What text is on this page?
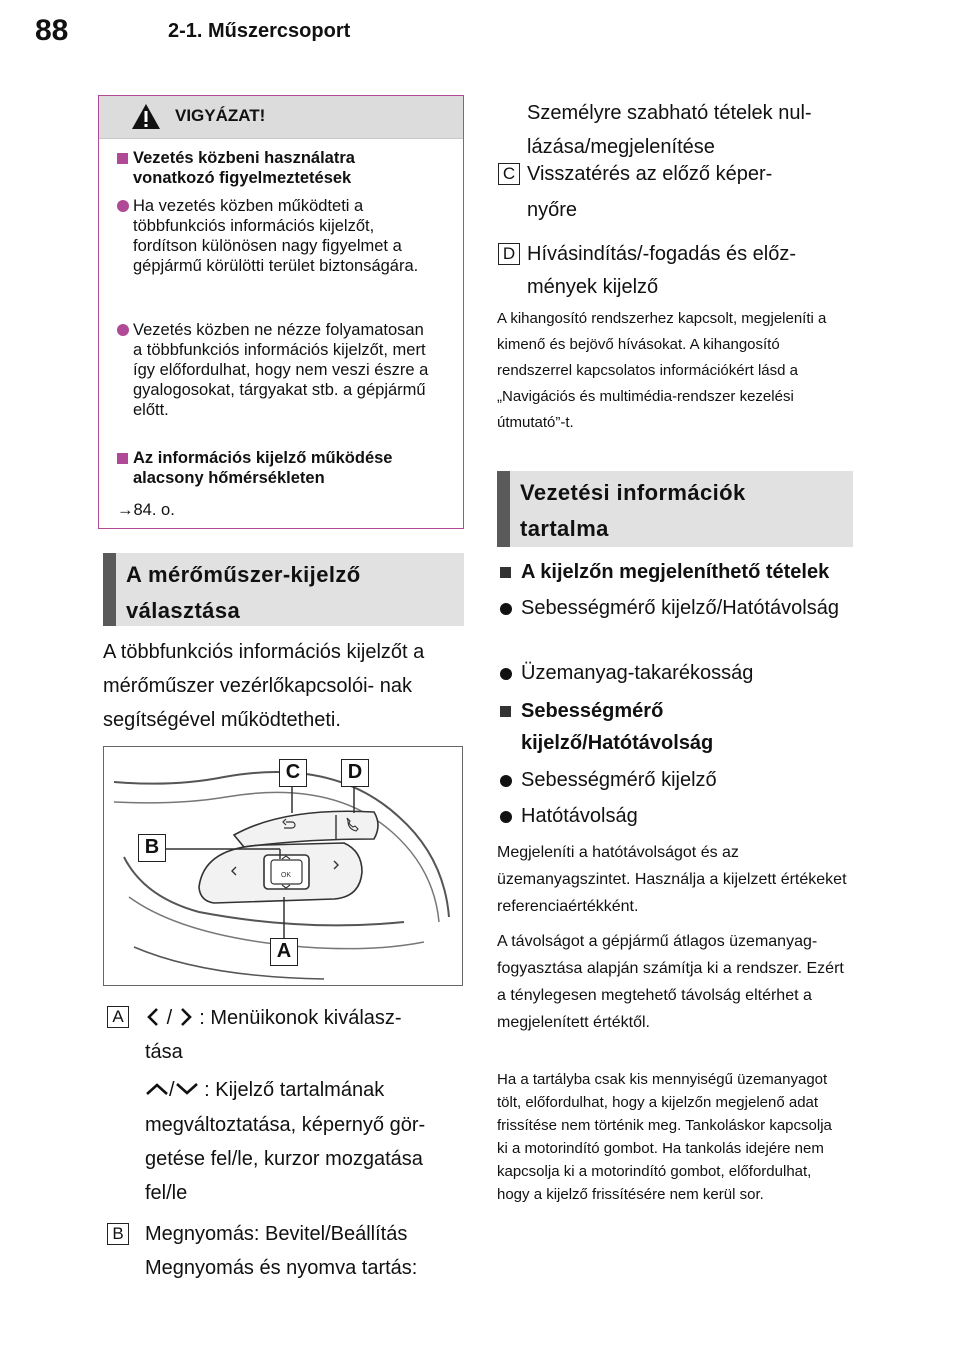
88	2-1. Műszercsoport
VIGYÁZAT!
Vezetés közbeni használatra vonatkozó figyelmeztetések
Ha vezetés közben működteti a többfunkciós információs kijelzőt, fordítson különösen nagy figyelmet a gépjármű körülötti terület biztonságára.
Vezetés közben ne nézze folyamatosan a többfunkciós információs kijelzőt, mert így előfordulhat, hogy nem veszi észre a gyalogosokat, tárgyakat stb. a gépjármű előtt.
Az információs kijelző működése alacsony hőmérsékleten
→84. o.
A mérőműszer-kijelző választása
A többfunkciós információs kijelzőt a mérőműszer vezérlőkapcsolói- nak segítségével működtetheti.
OK
C	D
B
A
A	/ : Menüikonok kiválasz-
tása
/ : Kijelző tartalmának
megváltoztatása, képernyő gör-
getése fel/le, kurzor mozgatása
fel/le
B Megnyomás: Bevitel/Beállítás
Megnyomás és nyomva tartás:
Személyre szabható tételek nul-
lázása/megjelenítése
C Visszatérés az előző képer-
nyőre
D Hívásindítás/-fogadás és előz-
mények kijelző
A kihangosító rendszerhez kapcsolt, megjeleníti a kimenő és bejövő hívásokat. A kihangosító rendszerrel kapcsolatos információkért lásd a „Navigációs és multimédia-rendszer kezelési útmutató”-t.
Vezetési információk tartalma
A kijelzőn megjeleníthető tételek
Sebességmérő kijelző/Hatótávolság
Üzemanyag-takarékosság
Sebességmérő kijelző/Hatótávolság
Sebességmérő kijelző
Hatótávolság
Megjeleníti a hatótávolságot és az üzemanyagszintet. Használja a kijelzett értékeket referenciaértékként.
A távolságot a gépjármű átlagos üzemanyag-fogyasztása alapján számítja ki a rendszer. Ezért a ténylegesen megtehető távolság eltérhet a megjelenített értéktől.
Ha a tartályba csak kis mennyiségű üzemanyagot tölt, előfordulhat, hogy a kijelzőn megjelenő adat frissítése nem történik meg. Tankoláskor kapcsolja ki a motorindító gombot. Ha tankolás idejére nem kapcsolja ki a motorindító gombot, előfordulhat, hogy a kijelző frissítésére nem kerül sor.
